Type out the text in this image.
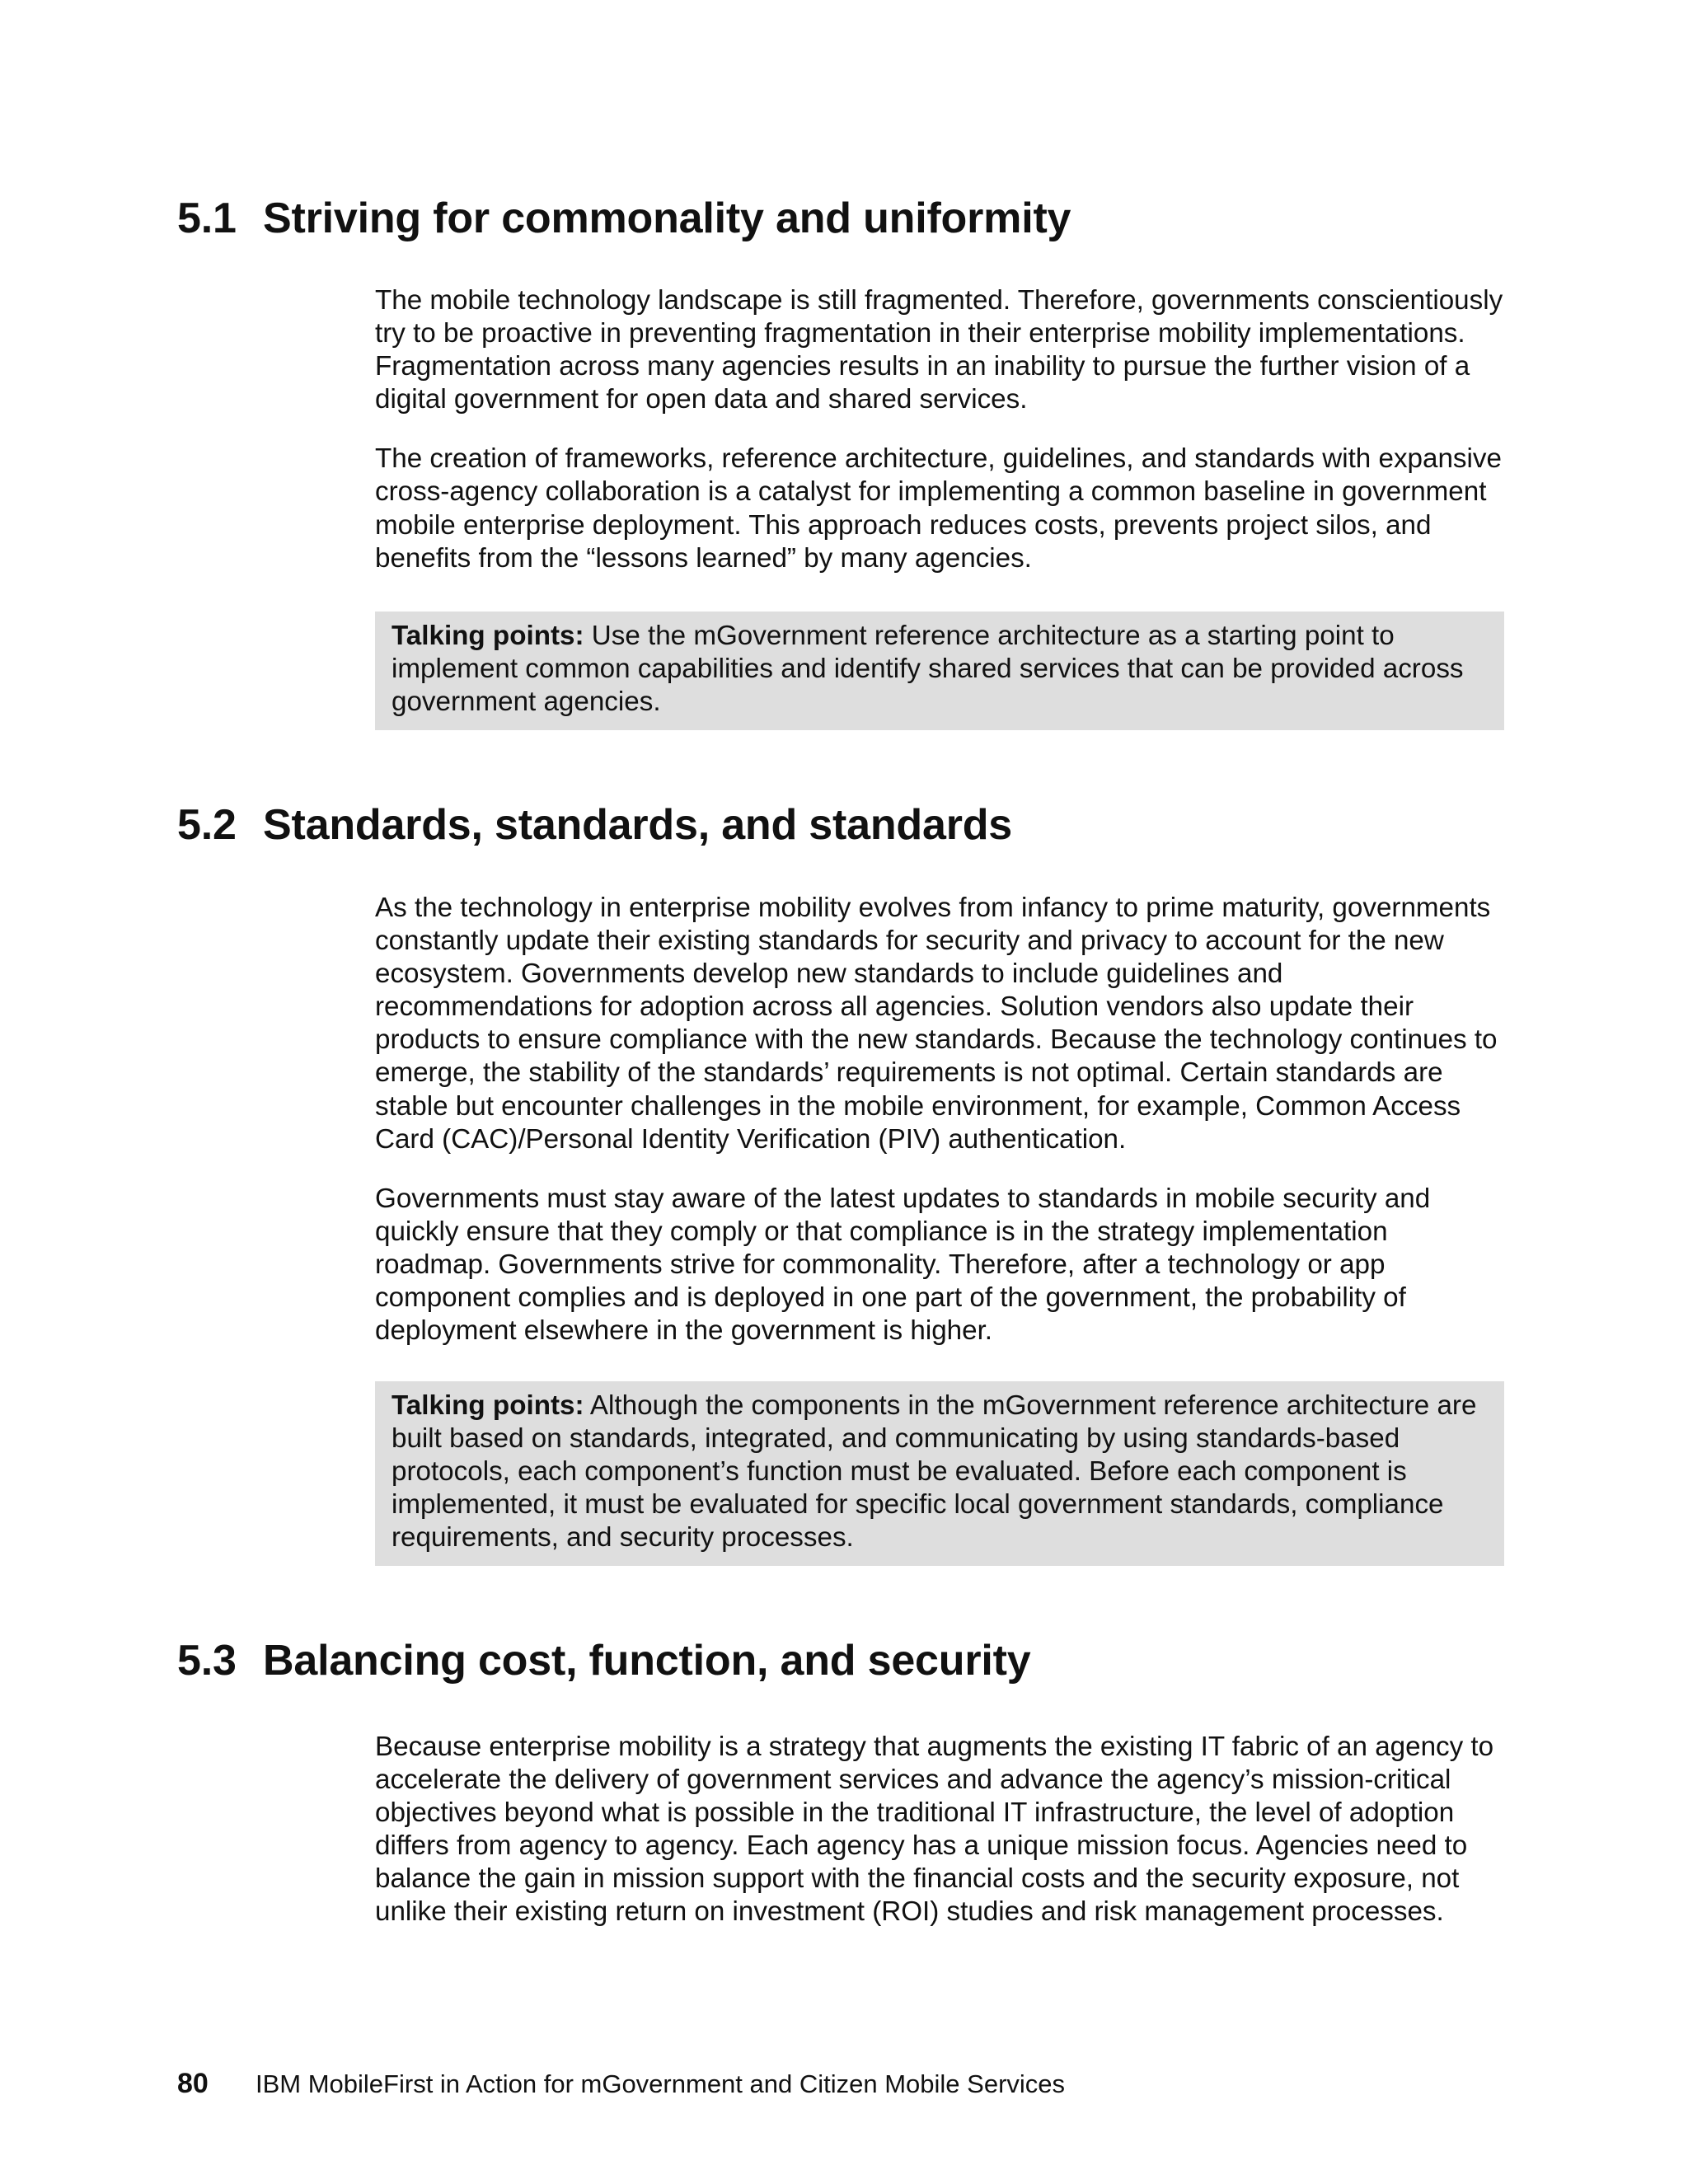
5.1 Striving for commonality and uniformity

The mobile technology landscape is still fragmented. Therefore, governments conscientiously try to be proactive in preventing fragmentation in their enterprise mobility implementations. Fragmentation across many agencies results in an inability to pursue the further vision of a digital government for open data and shared services.

The creation of frameworks, reference architecture, guidelines, and standards with expansive cross-agency collaboration is a catalyst for implementing a common baseline in government mobile enterprise deployment. This approach reduces costs, prevents project silos, and benefits from the “lessons learned” by many agencies.

Talking points: Use the mGovernment reference architecture as a starting point to implement common capabilities and identify shared services that can be provided across government agencies.

5.2 Standards, standards, and standards

As the technology in enterprise mobility evolves from infancy to prime maturity, governments constantly update their existing standards for security and privacy to account for the new ecosystem. Governments develop new standards to include guidelines and recommendations for adoption across all agencies. Solution vendors also update their products to ensure compliance with the new standards. Because the technology continues to emerge, the stability of the standards’ requirements is not optimal. Certain standards are stable but encounter challenges in the mobile environment, for example, Common Access Card (CAC)/Personal Identity Verification (PIV) authentication.

Governments must stay aware of the latest updates to standards in mobile security and quickly ensure that they comply or that compliance is in the strategy implementation roadmap. Governments strive for commonality. Therefore, after a technology or app component complies and is deployed in one part of the government, the probability of deployment elsewhere in the government is higher.

Talking points: Although the components in the mGovernment reference architecture are built based on standards, integrated, and communicating by using standards-based protocols, each component’s function must be evaluated. Before each component is implemented, it must be evaluated for specific local government standards, compliance requirements, and security processes.

5.3 Balancing cost, function, and security

Because enterprise mobility is a strategy that augments the existing IT fabric of an agency to accelerate the delivery of government services and advance the agency’s mission-critical objectives beyond what is possible in the traditional IT infrastructure, the level of adoption differs from agency to agency. Each agency has a unique mission focus. Agencies need to balance the gain in mission support with the financial costs and the security exposure, not unlike their existing return on investment (ROI) studies and risk management processes.

80 IBM MobileFirst in Action for mGovernment and Citizen Mobile Services
